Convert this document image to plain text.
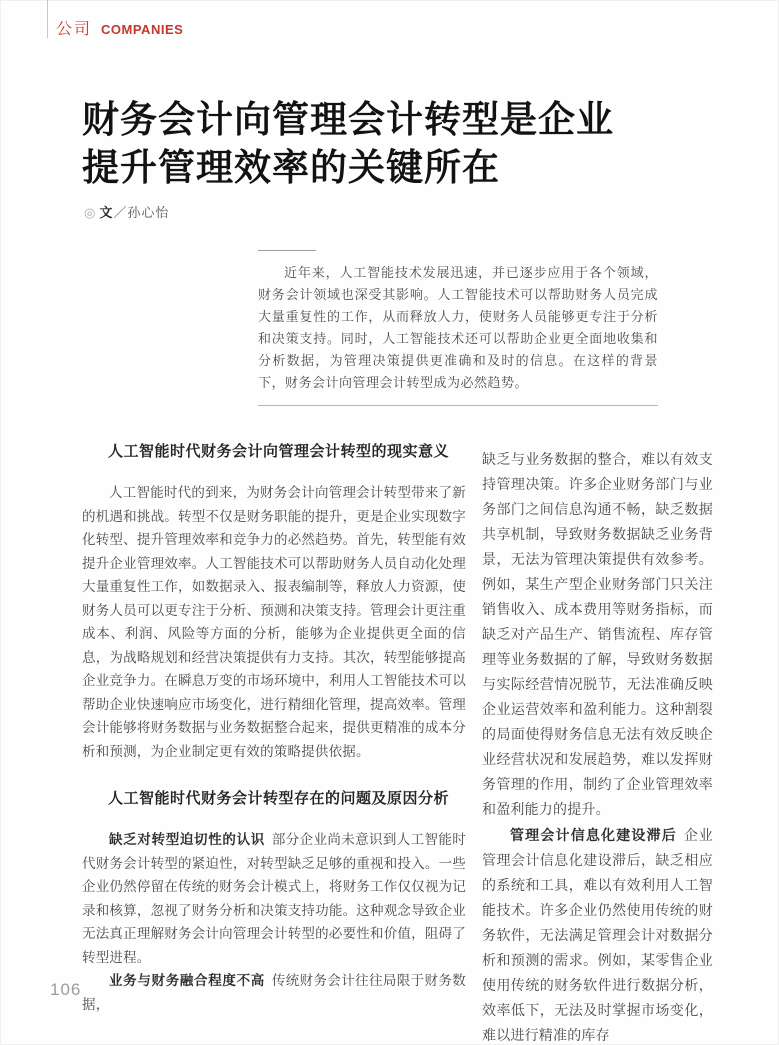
公司 COMPANIES
财务会计向管理会计转型是企业
提升管理效率的关键所在
◎ 文／孙心怡

近年来，人工智能技术发展迅速，并已逐步应用于各个领域，财务会计领域也深受其影响。人工智能技术可以帮助财务人员完成大量重复性的工作，从而释放人力，使财务人员能够更专注于分析和决策支持。同时，人工智能技术还可以帮助企业更全面地收集和分析数据，为管理决策提供更准确和及时的信息。在这样的背景下，财务会计向管理会计转型成为必然趋势。

人工智能时代财务会计向管理会计转型的现实意义

人工智能时代的到来，为财务会计向管理会计转型带来了新的机遇和挑战。转型不仅是财务职能的提升，更是企业实现数字化转型、提升管理效率和竞争力的必然趋势。首先，转型能有效提升企业管理效率。人工智能技术可以帮助财务人员自动化处理大量重复性工作，如数据录入、报表编制等，释放人力资源，使财务人员可以更专注于分析、预测和决策支持。管理会计更注重成本、利润、风险等方面的分析，能够为企业提供更全面的信息，为战略规划和经营决策提供有力支持。其次，转型能够提高企业竞争力。在瞬息万变的市场环境中，利用人工智能技术可以帮助企业快速响应市场变化，进行精细化管理，提高效率。管理会计能够将财务数据与业务数据整合起来，提供更精准的成本分析和预测，为企业制定更有效的策略提供依据。

人工智能时代财务会计转型存在的问题及原因分析

缺乏对转型迫切性的认识 部分企业尚未意识到人工智能时代财务会计转型的紧迫性，对转型缺乏足够的重视和投入。一些企业仍然停留在传统的财务会计模式上，将财务工作仅仅视为记录和核算，忽视了财务分析和决策支持功能。这种观念导致企业无法真正理解财务会计向管理会计转型的必要性和价值，阻碍了转型进程。

业务与财务融合程度不高 传统财务会计往往局限于财务数据，

缺乏与业务数据的整合，难以有效支持管理决策。许多企业财务部门与业务部门之间信息沟通不畅，缺乏数据共享机制，导致财务数据缺乏业务背景，无法为管理决策提供有效参考。例如，某生产型企业财务部门只关注销售收入、成本费用等财务指标，而缺乏对产品生产、销售流程、库存管理等业务数据的了解，导致财务数据与实际经营情况脱节，无法准确反映企业运营效率和盈利能力。这种割裂的局面使得财务信息无法有效反映企业经营状况和发展趋势，难以发挥财务管理的作用，制约了企业管理效率和盈利能力的提升。

管理会计信息化建设滞后 企业管理会计信息化建设滞后，缺乏相应的系统和工具，难以有效利用人工智能技术。许多企业仍然使用传统的财务软件，无法满足管理会计对数据分析和预测的需求。例如，某零售企业使用传统的财务软件进行数据分析，效率低下，无法及时掌握市场变化，难以进行精准的库存

106
